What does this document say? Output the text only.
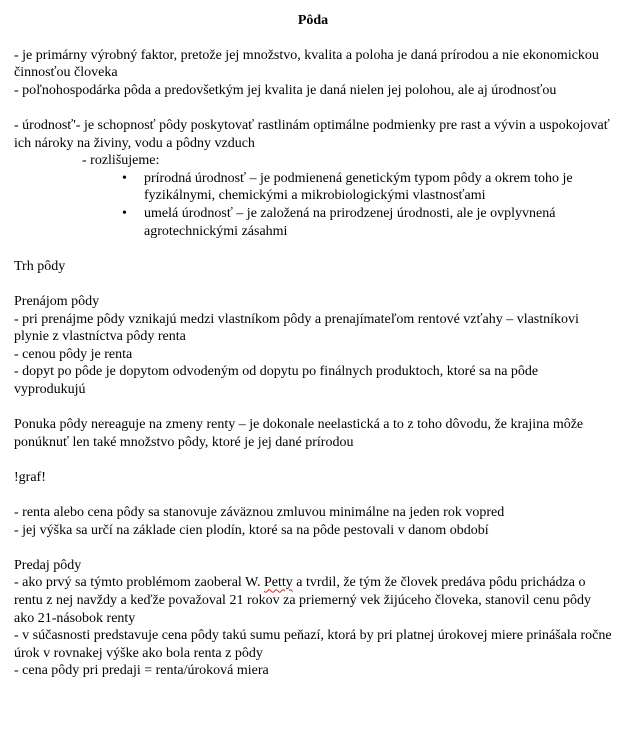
Pôda

- je primárny výrobný faktor, pretože jej množstvo, kvalita a poloha je daná prírodou a nie ekonomickou činnosťou človeka

- poľnohospodárka pôda a predovšetkým jej kvalita je daná nielen jej polohou, ale aj úrodnosťou

- úrodnosť'- je schopnosť pôdy poskytovať rastlinám optimálne podmienky pre rast a vývin a uspokojovať ich nároky na živiny, vodu a pôdny vzduch

- rozlišujeme:

• prírodná úrodnosť – je podmienená genetickým typom pôdy a okrem toho je fyzikálnymi, chemickými a mikrobiologickými vlastnosťami
• umelá úrodnosť – je založená na prirodzenej úrodnosti, ale je ovplyvnená agrotechnickými zásahmi

Trh pôdy

Prenájom pôdy

- pri prenájme pôdy vznikajú medzi vlastníkom pôdy a prenajímateľom rentové vzťahy – vlastníkovi plynie z vlastníctva pôdy renta

- cenou pôdy je renta

- dopyt po pôde je dopytom odvodeným od dopytu po finálnych produktoch, ktoré sa na pôde vyprodukujú

Ponuka pôdy nereaguje na zmeny renty – je dokonale neelastická a to z toho dôvodu, že krajina môže ponúknuť len také množstvo pôdy, ktoré je jej dané prírodou

!graf!

- renta alebo cena pôdy sa stanovuje záväznou zmluvou minimálne na jeden rok vopred

- jej výška sa určí na základe cien plodín, ktoré sa na pôde pestovali v danom období

Predaj pôdy

- ako prvý sa týmto problémom zaoberal W. Petty a tvrdil, že tým že človek predáva pôdu prichádza o rentu z nej navždy a keďže považoval 21 rokov za priemerný vek žijúceho človeka, stanovil cenu pôdy ako 21-násobok renty

- v súčasnosti predstavuje cena pôdy takú sumu peňazí, ktorá by pri platnej úrokovej miere prinášala ročne úrok v rovnakej výške ako bola renta z pôdy

- cena pôdy pri predaji = renta/úroková miera
